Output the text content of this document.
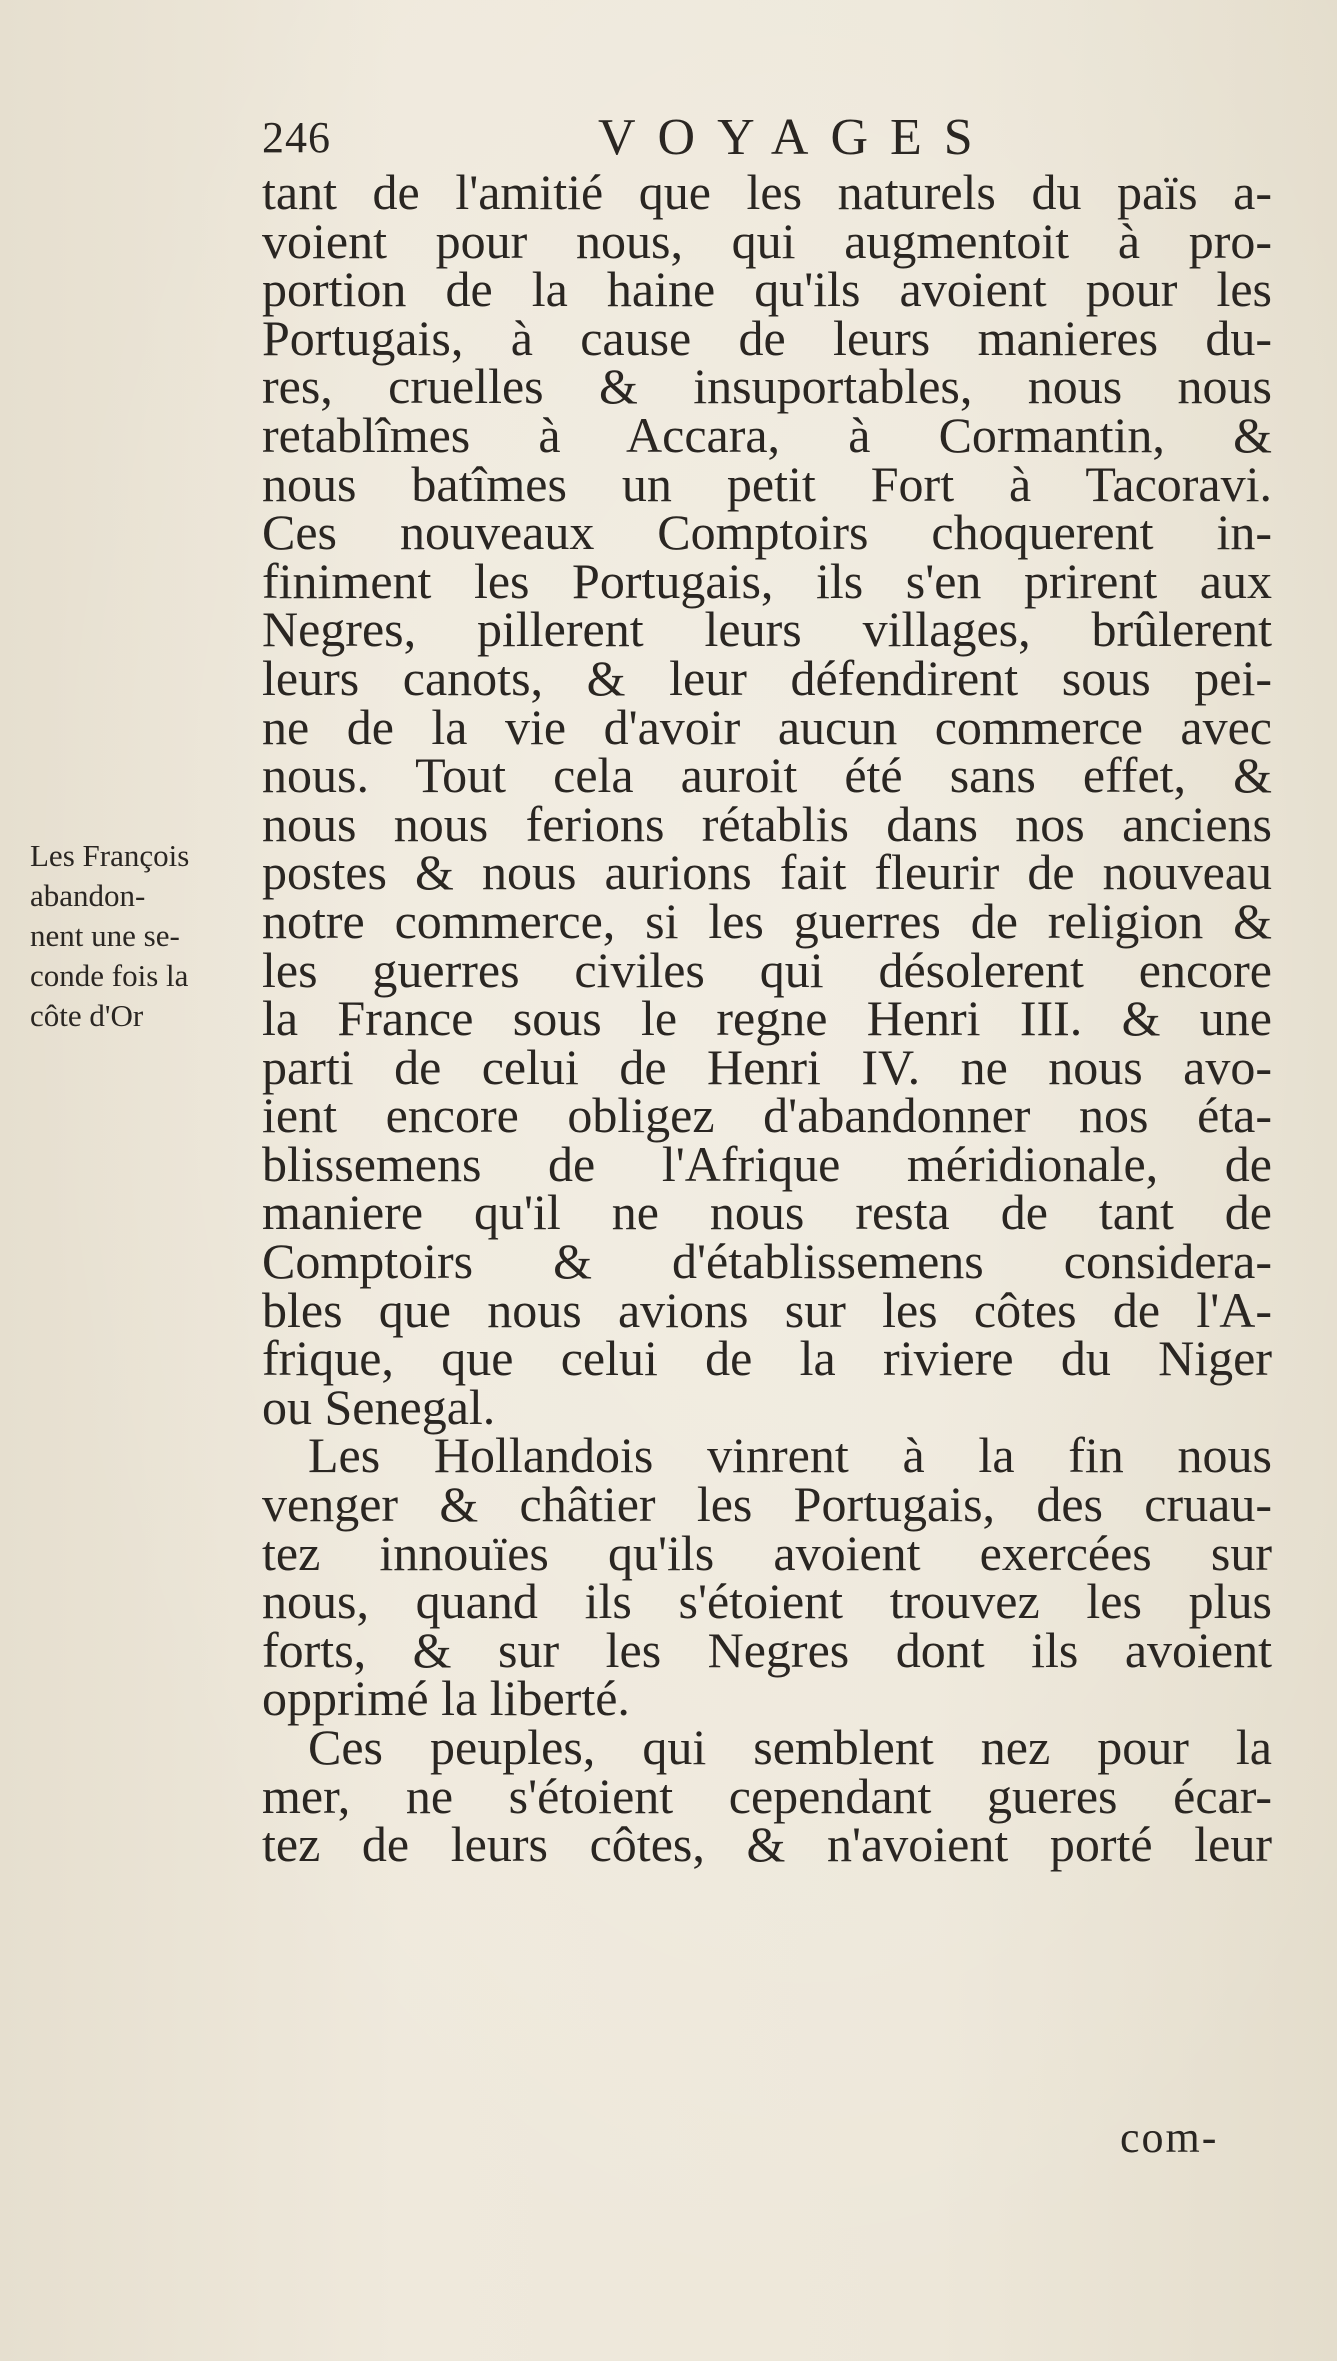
246	VOYAGES
Les François
abandon-
nent une se-
conde fois la
côte d'Or
tant de l'amitié que les naturels du païs a-
voient pour nous, qui augmentoit à pro-
portion de la haine qu'ils avoient pour les
Portugais, à cause de leurs manieres du-
res, cruelles & insuportables, nous nous
retablîmes à Accara, à Cormantin, &
nous batîmes un petit Fort à Tacoravi.
Ces nouveaux Comptoirs choquerent in-
finiment les Portugais, ils s'en prirent aux
Negres, pillerent leurs villages, brûlerent
leurs canots, & leur défendirent sous pei-
ne de la vie d'avoir aucun commerce avec
nous. Tout cela auroit été sans effet, &
nous nous ferions rétablis dans nos anciens
postes & nous aurions fait fleurir de nouveau
notre commerce, si les guerres de religion &
les guerres civiles qui désolerent encore
la France sous le regne Henri III. & une
parti de celui de Henri IV. ne nous avo-
ient encore obligez d'abandonner nos éta-
blissemens de l'Afrique méridionale, de
maniere qu'il ne nous resta de tant de
Comptoirs & d'établissemens considera-
bles que nous avions sur les côtes de l'A-
frique, que celui de la riviere du Niger
ou Senegal.
Les Hollandois vinrent à la fin nous
venger & châtier les Portugais, des cruau-
tez innouïes qu'ils avoient exercées sur
nous, quand ils s'étoient trouvez les plus
forts, & sur les Negres dont ils avoient
opprimé la liberté.
Ces peuples, qui semblent nez pour la
mer, ne s'étoient cependant gueres écar-
tez de leurs côtes, & n'avoient porté leur
com-
